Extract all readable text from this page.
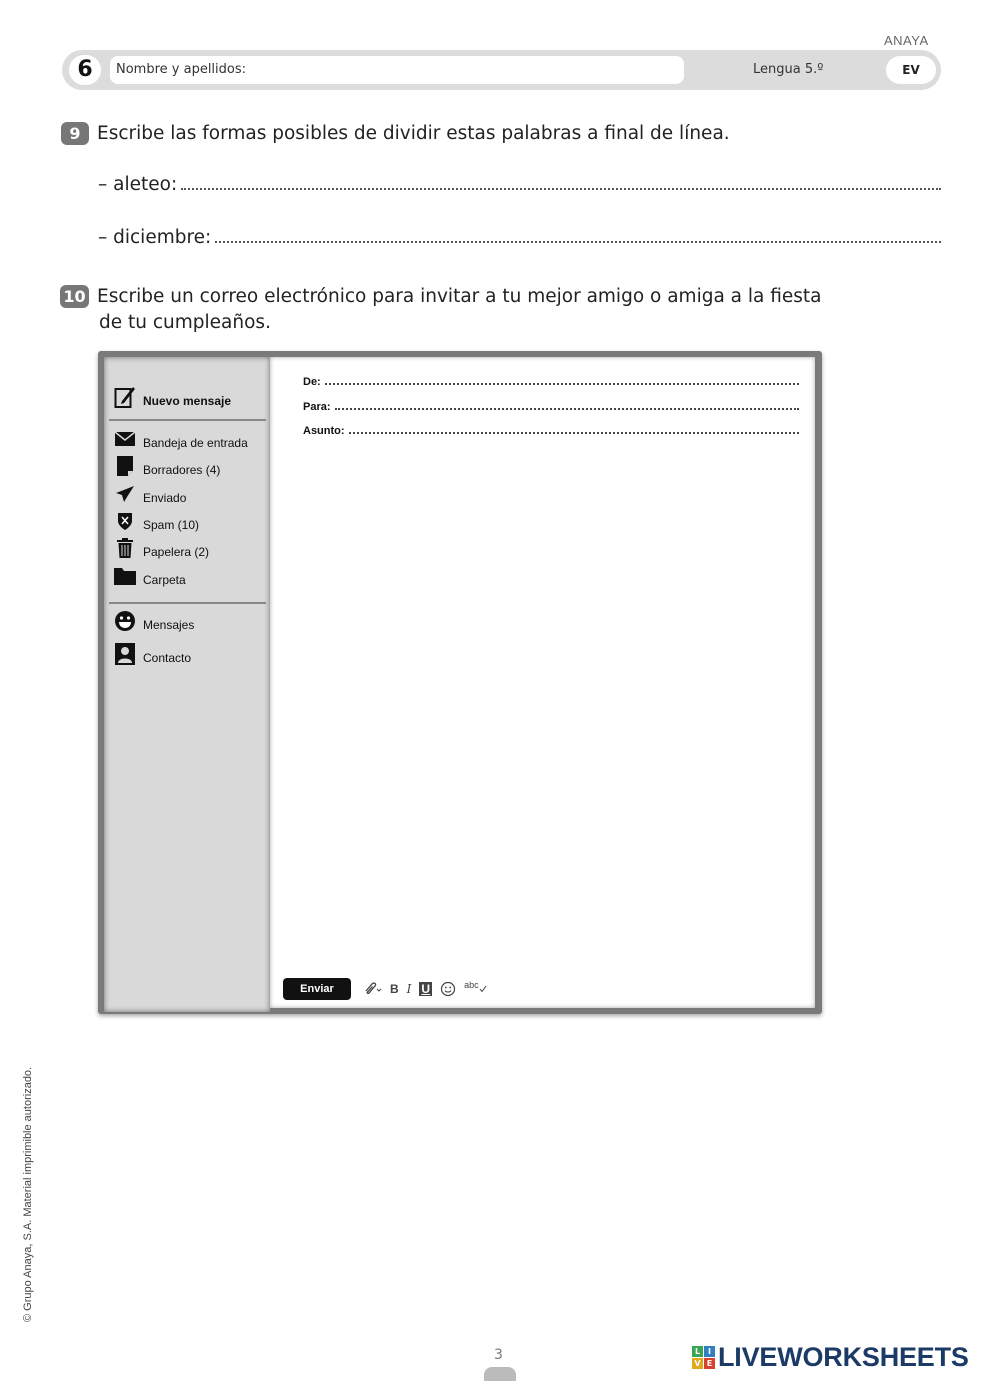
ANAYA
6	Nombre y apellidos:	Lengua 5.º	EV
9 Escribe las formas posibles de dividir estas palabras a final de línea.
– aleteo:
– diciembre:
10 Escribe un correo electrónico para invitar a tu mejor amigo o amiga a la fiesta
de tu cumpleaños.
Nuevo mensaje
Bandeja de entrada
Borradores (4)
Enviado
Spam (10)
Papelera (2)
Carpeta
Mensajes
Contacto
De:
Para:
Asunto:
Enviar	B I U	abc
© Grupo Anaya, S.A. Material imprimible autorizado.
3	L I
V E LIVEWORKSHEETS
